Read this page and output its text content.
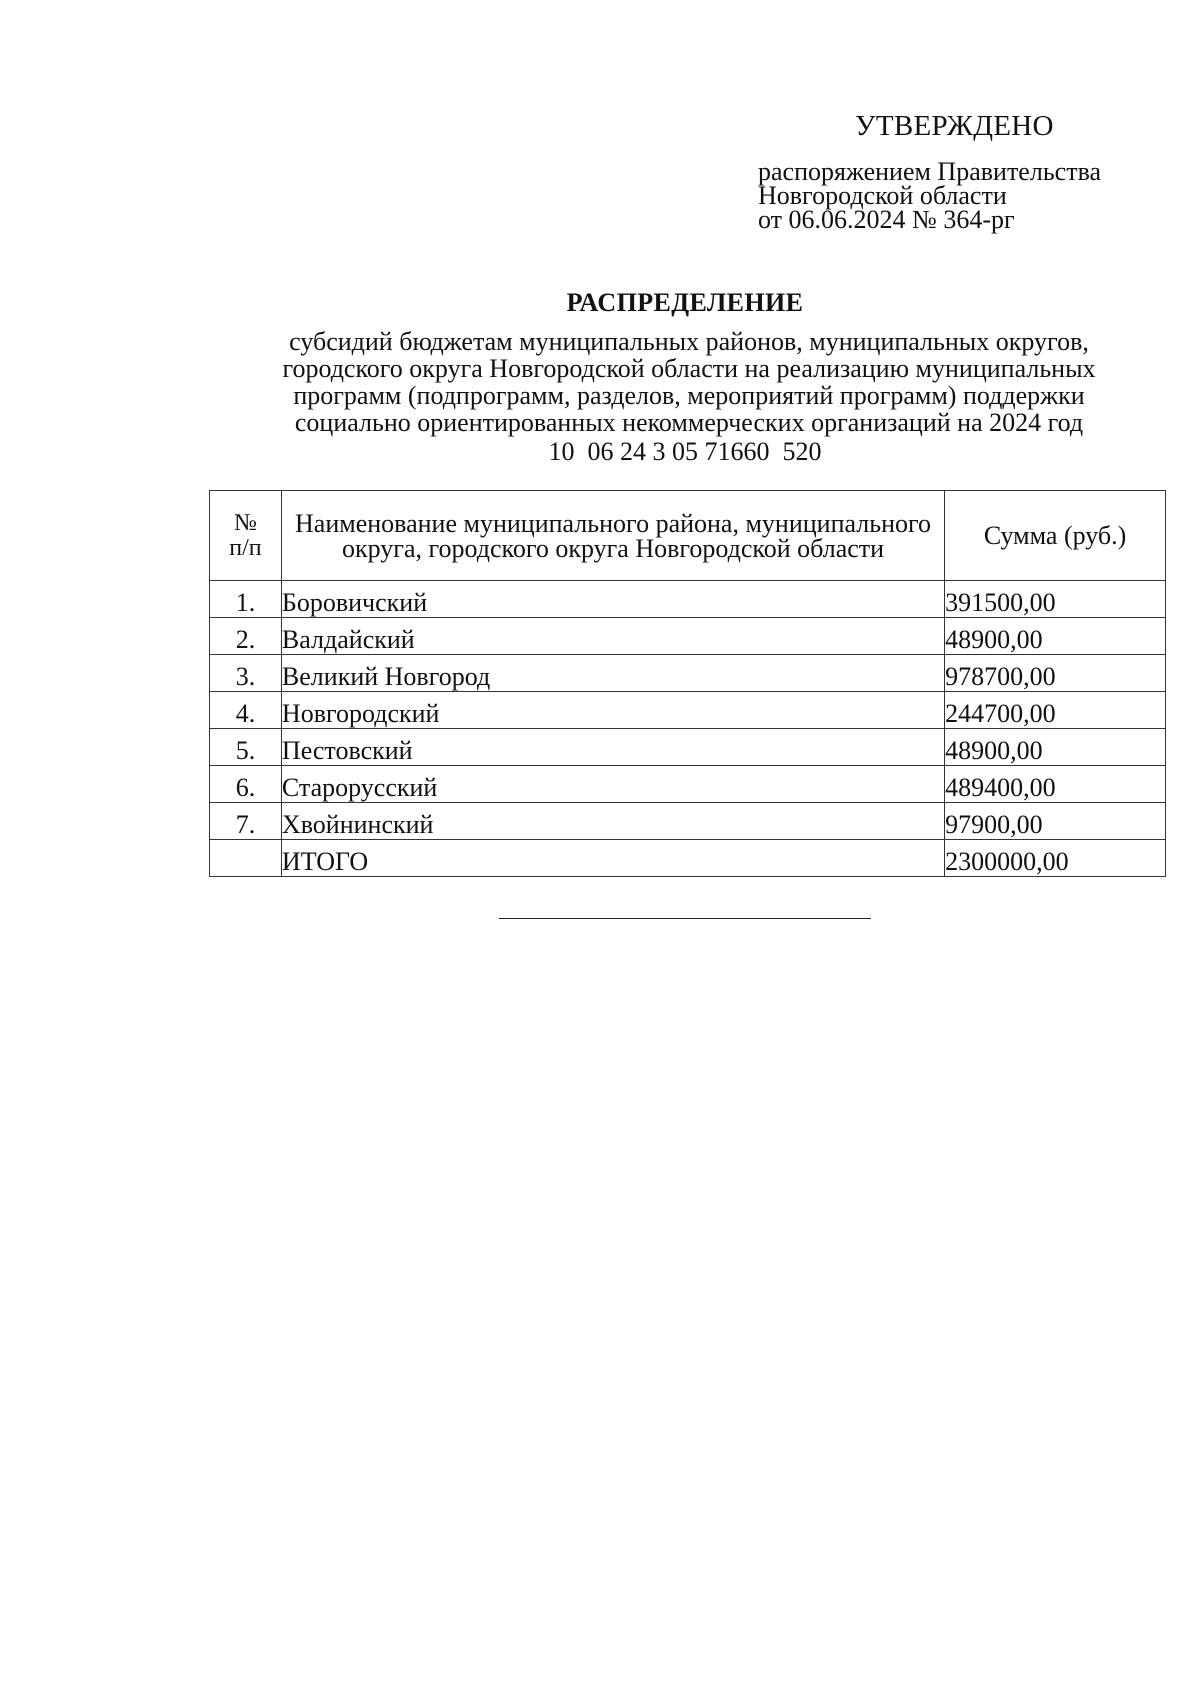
УТВЕРЖДЕНО
распоряжением Правительства
Новгородской области
от 06.06.2024 № 364-рг
РАСПРЕДЕЛЕНИЕ
субсидий бюджетам муниципальных районов, муниципальных округов, городского округа Новгородской области на реализацию муниципальных программ (подпрограмм, разделов, мероприятий программ) поддержки социально ориентированных некоммерческих организаций на 2024 год
10  06 24 3 05 71660  520
№
п/п	Наименование муниципального района, муниципального округа, городского округа Новгородской области	Сумма (руб.)
1.	Боровичский	391500,00
2.	Валдайский	48900,00
3.	Великий Новгород	978700,00
4.	Новгородский	244700,00
5.	Пестовский	48900,00
6.	Старорусский	489400,00
7.	Хвойнинский	97900,00
	ИТОГО	2300000,00
